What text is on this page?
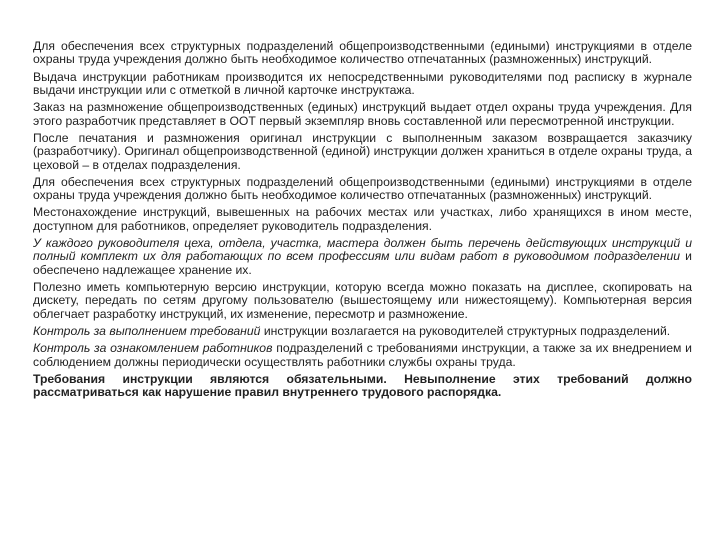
Для обеспечения всех структурных подразделений общепроизводственными (едиными) инструкциями в отделе охраны труда учреждения должно быть необходимое количество отпечатанных (размноженных) инструкций.

Выдача инструкции работникам производится их непосредственными руководителями под расписку в журнале выдачи инструкции или с отметкой в личной карточке инструктажа.

Заказ на размножение общепроизводственных (единых) инструкций выдает отдел охраны труда учреждения. Для этого разработчик представляет в ООТ первый экземпляр вновь составленной или пересмотренной инструкции.

После печатания и размножения оригинал инструкции с выполненным заказом возвращается заказчику (разработчику). Оригинал общепроизводственной (единой) инструкции должен храниться в отделе охраны труда, а цеховой – в отделах подразделения.

Для обеспечения всех структурных подразделений общепроизводственными (едиными) инструкциями в отделе охраны труда учреждения должно быть необходимое количество отпечатанных (размноженных) инструкций.

Местонахождение инструкций, вывешенных на рабочих местах или участках, либо хранящихся в ином месте, доступном для работников, определяет руководитель подразделения.

У каждого руководителя цеха, отдела, участка, мастера должен быть перечень действующих инструкций и полный комплект их для работающих по всем профессиям или видам работ в руководимом подразделении и обеспечено надлежащее хранение их.

Полезно иметь компьютерную версию инструкции, которую всегда можно показать на дисплее, скопировать на дискету, передать по сетям другому пользователю (вышестоящему или нижестоящему). Компьютерная версия облегчает разработку инструкций, их изменение, пересмотр и размножение.

Контроль за выполнением требований инструкции возлагается на руководителей структурных подразделений.

Контроль за ознакомлением работников подразделений с требованиями инструкции, а также за их внедрением и соблюдением должны периодически осуществлять работники службы охраны труда.

Требования инструкции являются обязательными. Невыполнение этих требований должно рассматриваться как нарушение правил внутреннего трудового распорядка.
